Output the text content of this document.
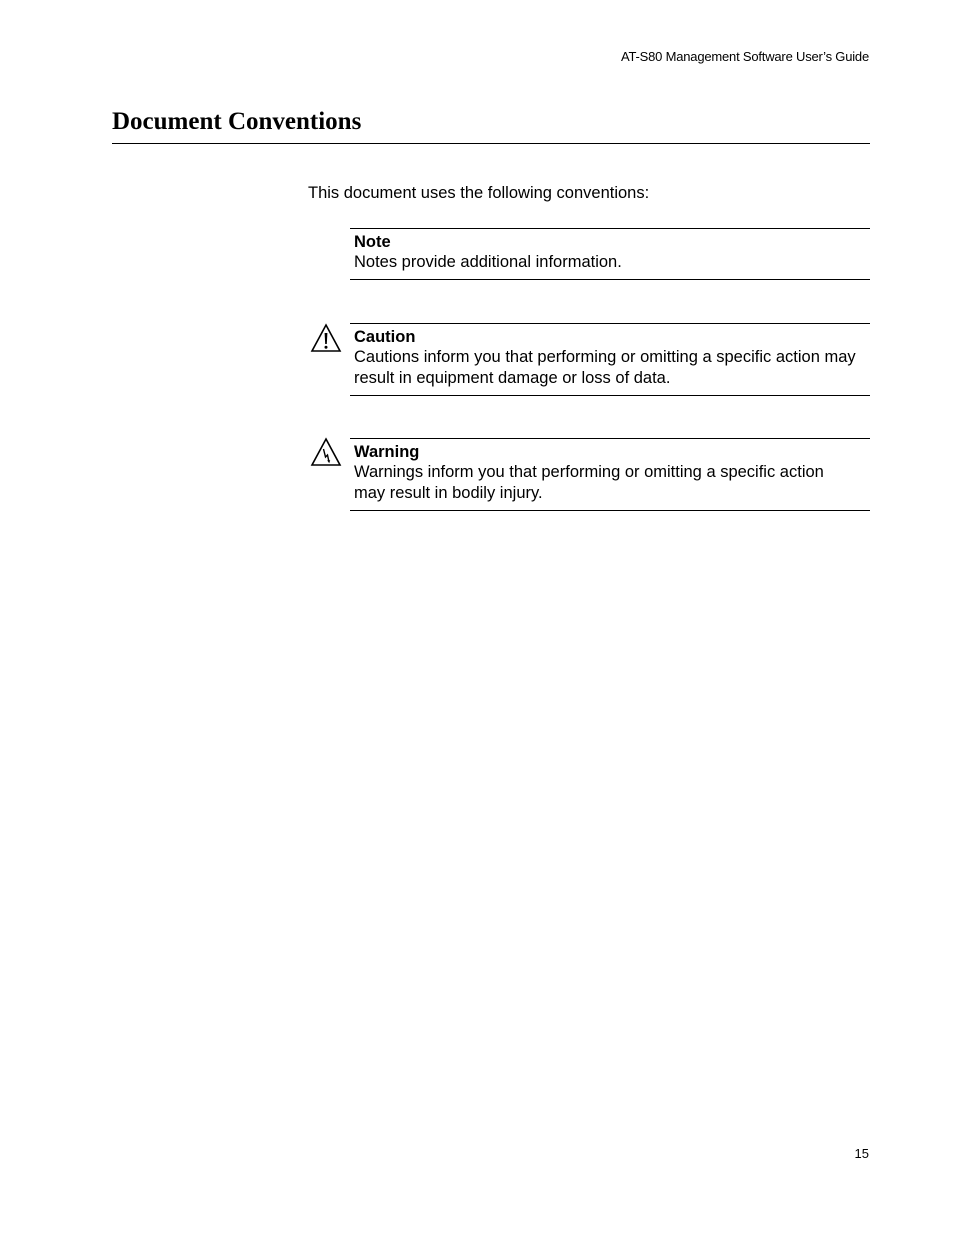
AT-S80 Management Software User’s Guide
Document Conventions
This document uses the following conventions:
Note
Notes provide additional information.
Caution
Cautions inform you that performing or omitting a specific action may
result in equipment damage or loss of data.
Warning
Warnings inform you that performing or omitting a specific action
may result in bodily injury.
15
